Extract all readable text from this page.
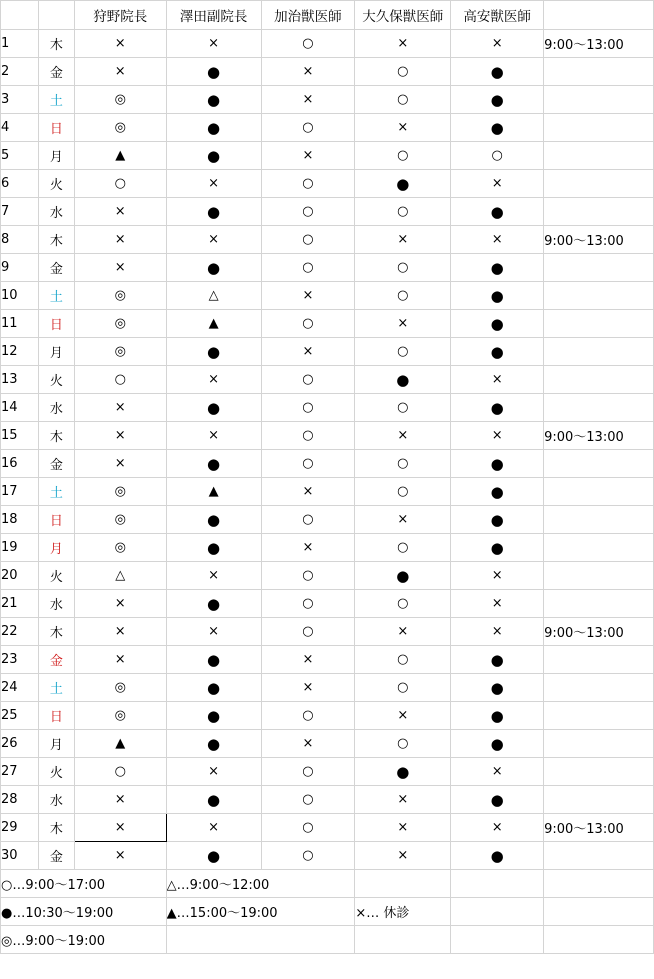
		狩野院長	澤田副院長	加治獣医師	大久保獣医師	高安獣医師	
1	木	×	×	○	×	×	9:00～13:00
2	金	×	●	×	○	●	
3	土	◎	●	×	○	●	
4	日	◎	●	○	×	●	
5	月	▲	●	×	○	○	
6	火	○	×	○	●	×	
7	水	×	●	○	○	●	
8	木	×	×	○	×	×	9:00～13:00
9	金	×	●	○	○	●	
10	土	◎	△	×	○	●	
11	日	◎	▲	○	×	●	
12	月	◎	●	×	○	●	
13	火	○	×	○	●	×	
14	水	×	●	○	○	●	
15	木	×	×	○	×	×	9:00～13:00
16	金	×	●	○	○	●	
17	土	◎	▲	×	○	●	
18	日	◎	●	○	×	●	
19	月	◎	●	×	○	●	
20	火	△	×	○	●	×	
21	水	×	●	○	○	×	
22	木	×	×	○	×	×	9:00～13:00
23	金	×	●	×	○	●	
24	土	◎	●	×	○	●	
25	日	◎	●	○	×	●	
26	月	▲	●	×	○	●	
27	火	○	×	○	●	×	
28	水	×	●	○	×	●	
29	木	×	×	○	×	×	9:00～13:00
30	金	×	●	○	×	●	
○…9:00～17:00			△…9:00～12:00				
●…10:30～19:00			▲…15:00～19:00		×… 休診		
◎…9:00～19:00							
